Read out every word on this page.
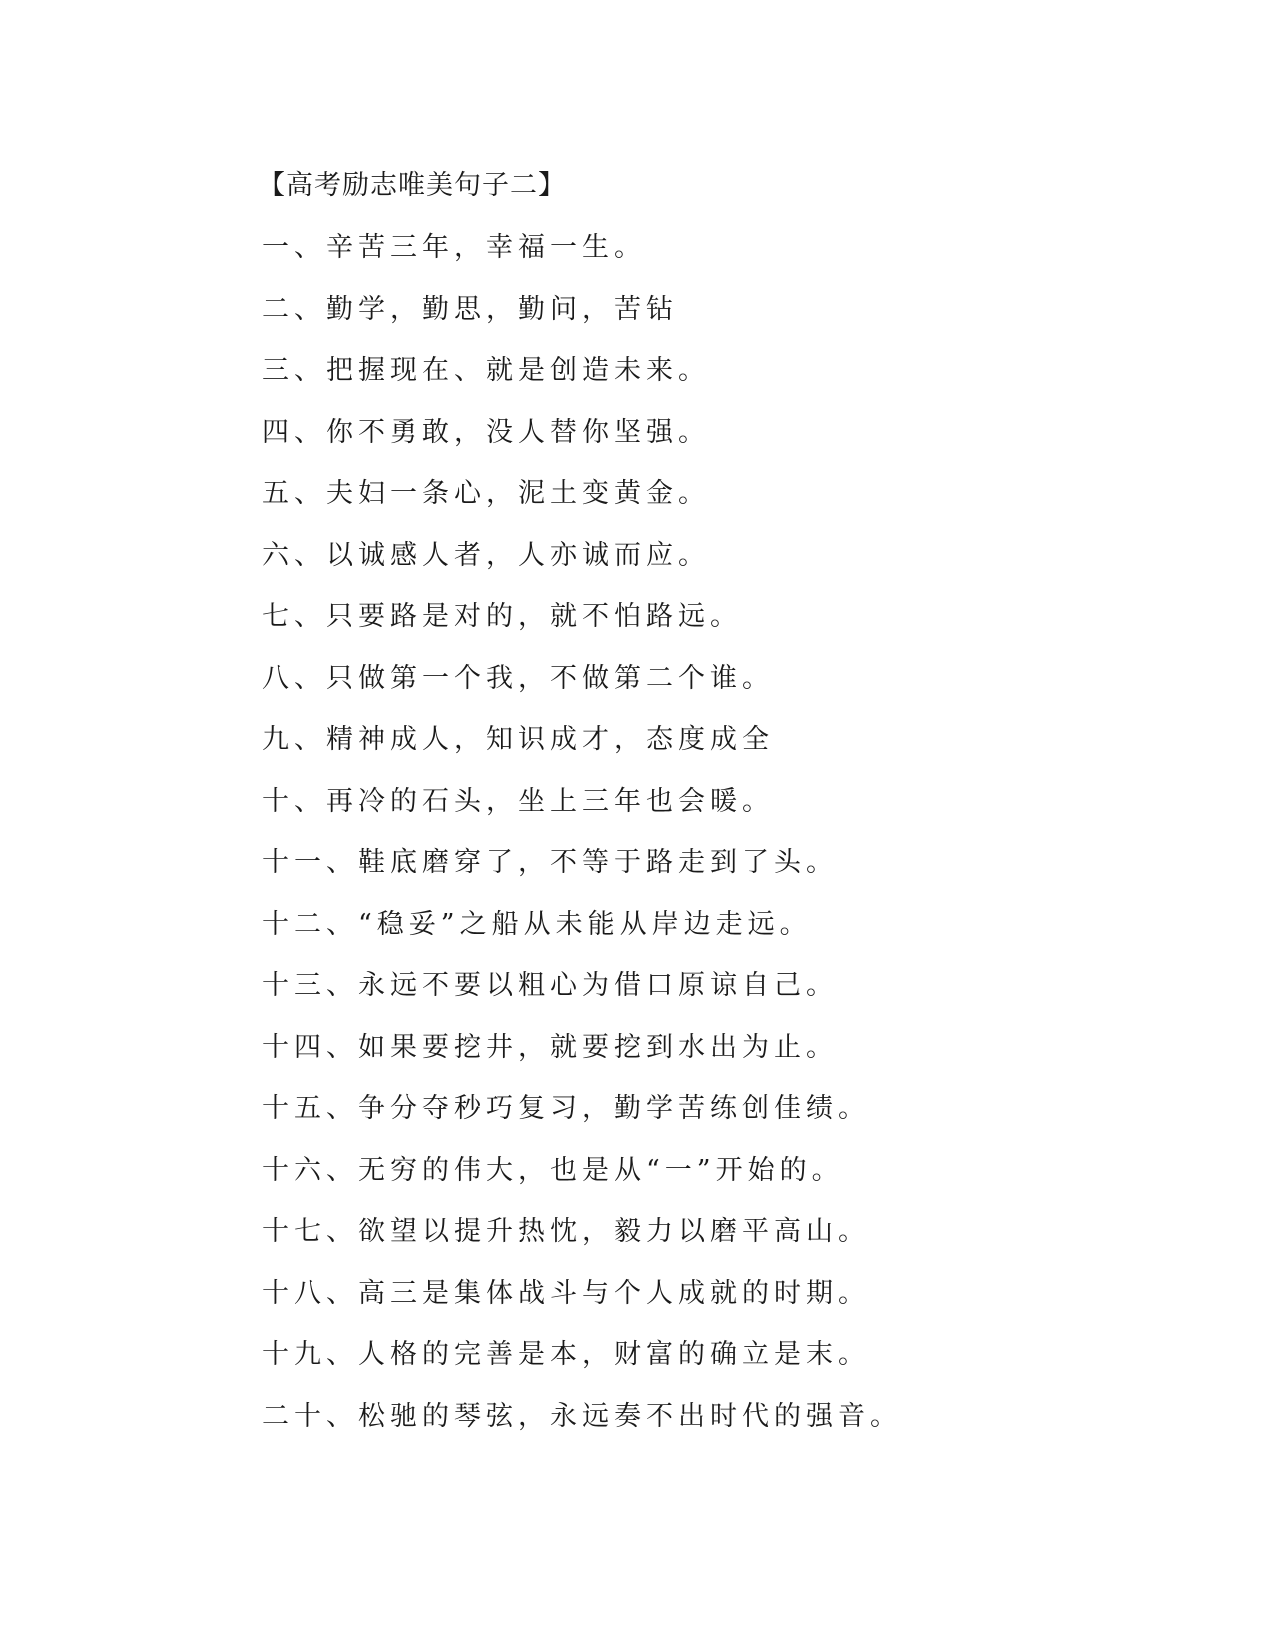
【高考励志唯美句子二】
一、辛苦三年，幸福一生。
二、勤学，勤思，勤问，苦钻
三、把握现在、就是创造未来。
四、你不勇敢，没人替你坚强。
五、夫妇一条心，泥土变黄金。
六、以诚感人者，人亦诚而应。
七、只要路是对的，就不怕路远。
八、只做第一个我，不做第二个谁。
九、精神成人，知识成才，态度成全
十、再冷的石头，坐上三年也会暖。
十一、鞋底磨穿了，不等于路走到了头。
十二、“稳妥”之船从未能从岸边走远。
十三、永远不要以粗心为借口原谅自己。
十四、如果要挖井，就要挖到水出为止。
十五、争分夺秒巧复习，勤学苦练创佳绩。
十六、无穷的伟大，也是从“一”开始的。
十七、欲望以提升热忱，毅力以磨平高山。
十八、高三是集体战斗与个人成就的时期。
十九、人格的完善是本，财富的确立是末。
二十、松驰的琴弦，永远奏不出时代的强音。
